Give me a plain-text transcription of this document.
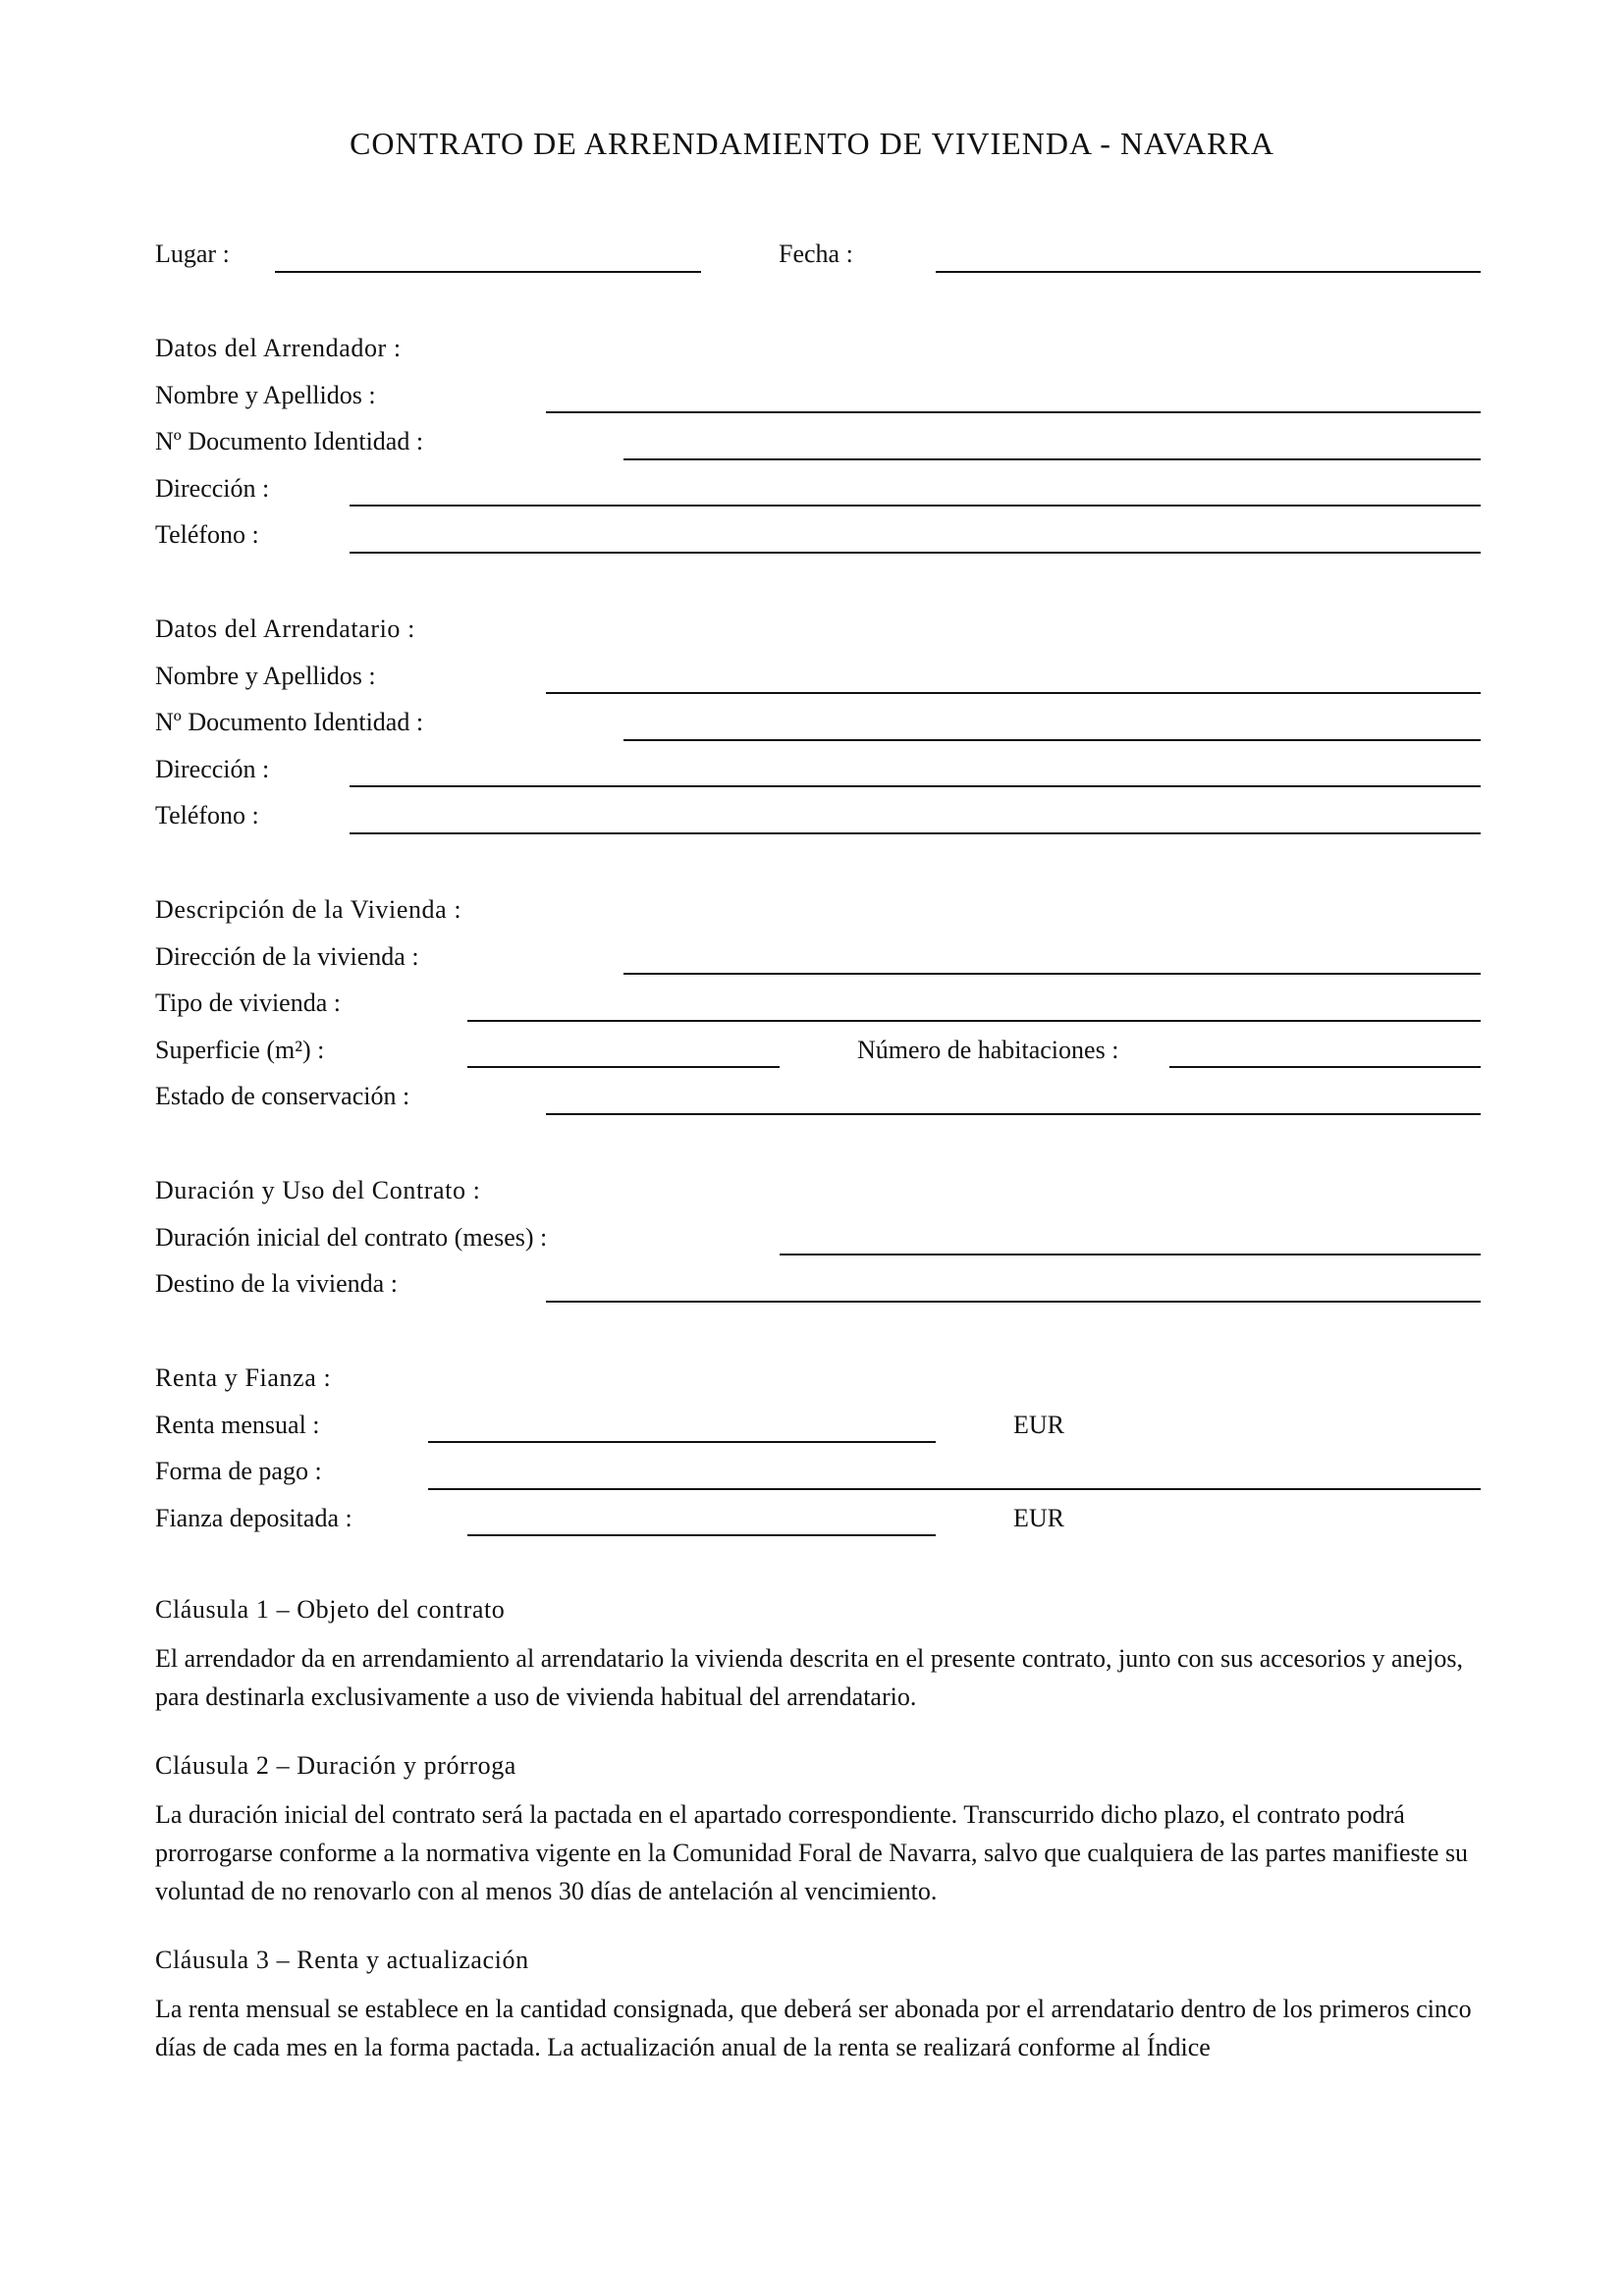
CONTRATO DE ARRENDAMIENTO DE VIVIENDA - NAVARRA
Lugar :	Fecha :
Datos del Arrendador :
Nombre y Apellidos :
Nº Documento Identidad :
Dirección :
Teléfono :
Datos del Arrendatario :
Nombre y Apellidos :
Nº Documento Identidad :
Dirección :
Teléfono :
Descripción de la Vivienda :
Dirección de la vivienda :
Tipo de vivienda :
Superficie (m²) :	Número de habitaciones :
Estado de conservación :
Duración y Uso del Contrato :
Duración inicial del contrato (meses) :
Destino de la vivienda :
Renta y Fianza :
Renta mensual :	EUR
Forma de pago :
Fianza depositada :	EUR
Cláusula 1 – Objeto del contrato
El arrendador da en arrendamiento al arrendatario la vivienda descrita en el presente contrato, junto con sus accesorios y anejos, para destinarla exclusivamente a uso de vivienda habitual del arrendatario.
Cláusula 2 – Duración y prórroga
La duración inicial del contrato será la pactada en el apartado correspondiente. Transcurrido dicho plazo, el contrato podrá prorrogarse conforme a la normativa vigente en la Comunidad Foral de Navarra, salvo que cualquiera de las partes manifieste su voluntad de no renovarlo con al menos 30 días de antelación al vencimiento.
Cláusula 3 – Renta y actualización
La renta mensual se establece en la cantidad consignada, que deberá ser abonada por el arrendatario dentro de los primeros cinco días de cada mes en la forma pactada. La actualización anual de la renta se realizará conforme al Índice
